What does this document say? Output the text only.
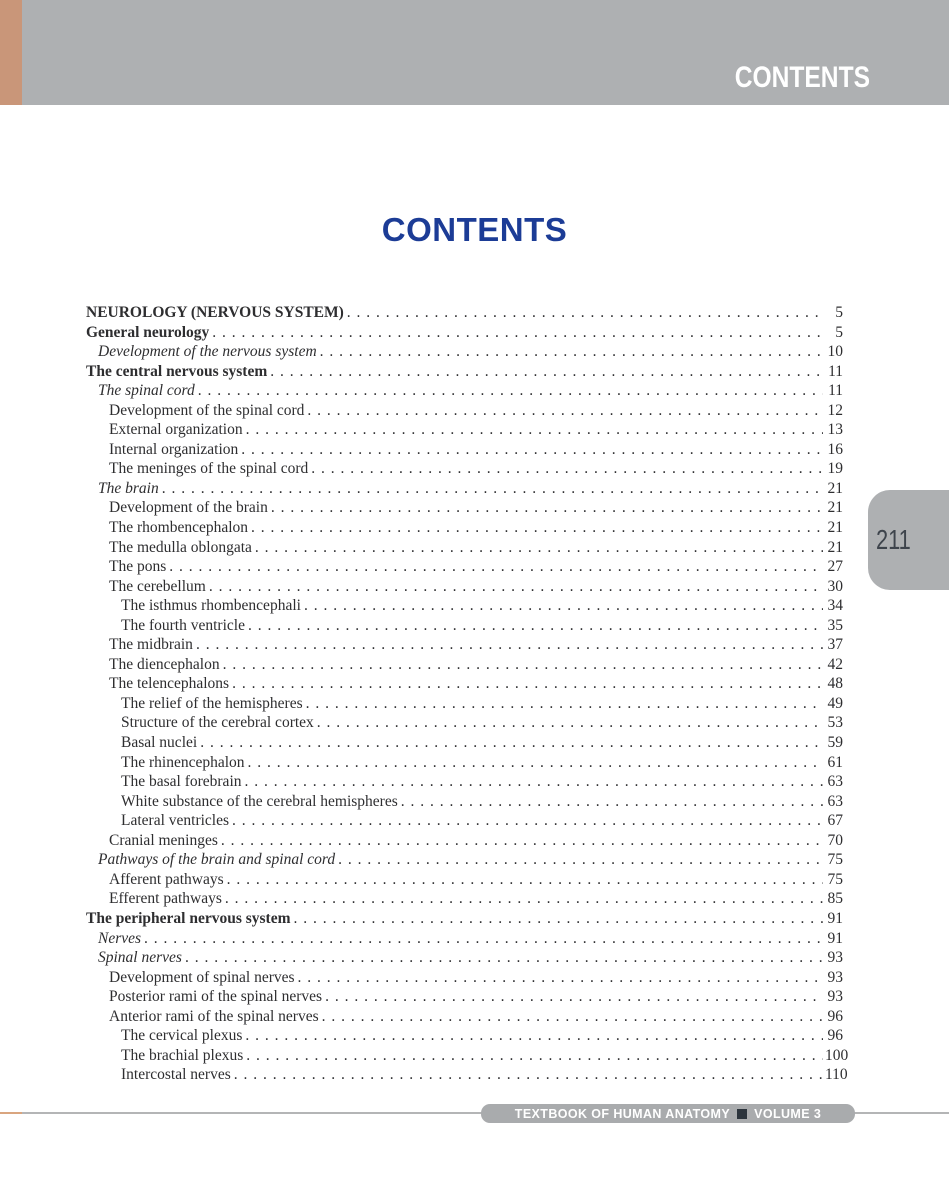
CONTENTS
CONTENTS
NEUROLOGY (NERVOUS SYSTEM) . . .	5
General neurology . . .	5
Development of the nervous system . . .	10
The central nervous system . . .	11
The spinal cord . . .	11
Development of the spinal cord . . .	12
External organization . . .	13
Internal organization . . .	16
The meninges of the spinal cord . . .	19
The brain . . .	21
Development of the brain . . .	21
The rhombencephalon . . .	21
The medulla oblongata . . .	21
The pons . . .	27
The cerebellum . . .	30
The isthmus rhombencephali . . .	34
The fourth ventricle . . .	35
The midbrain . . .	37
The diencephalon . . .	42
The telencephalons . . .	48
The relief of the hemispheres . . .	49
Structure of the cerebral cortex . . .	53
Basal nuclei . . .	59
The rhinencephalon . . .	61
The basal forebrain . . .	63
White substance of the cerebral hemispheres . . .	63
Lateral ventricles . . .	67
Cranial meninges . . .	70
Pathways of the brain and spinal cord . . .	75
Afferent pathways . . .	75
Efferent pathways . . .	85
The peripheral nervous system . . .	91
Nerves . . .	91
Spinal nerves . . .	93
Development of spinal nerves . . .	93
Posterior rami of the spinal nerves . . .	93
Anterior rami of the spinal nerves . . .	96
The cervical plexus . . .	96
The brachial plexus . . .	100
Intercostal nerves . . .	110
211
TEXTBOOK OF HUMAN ANATOMY VOLUME 3
